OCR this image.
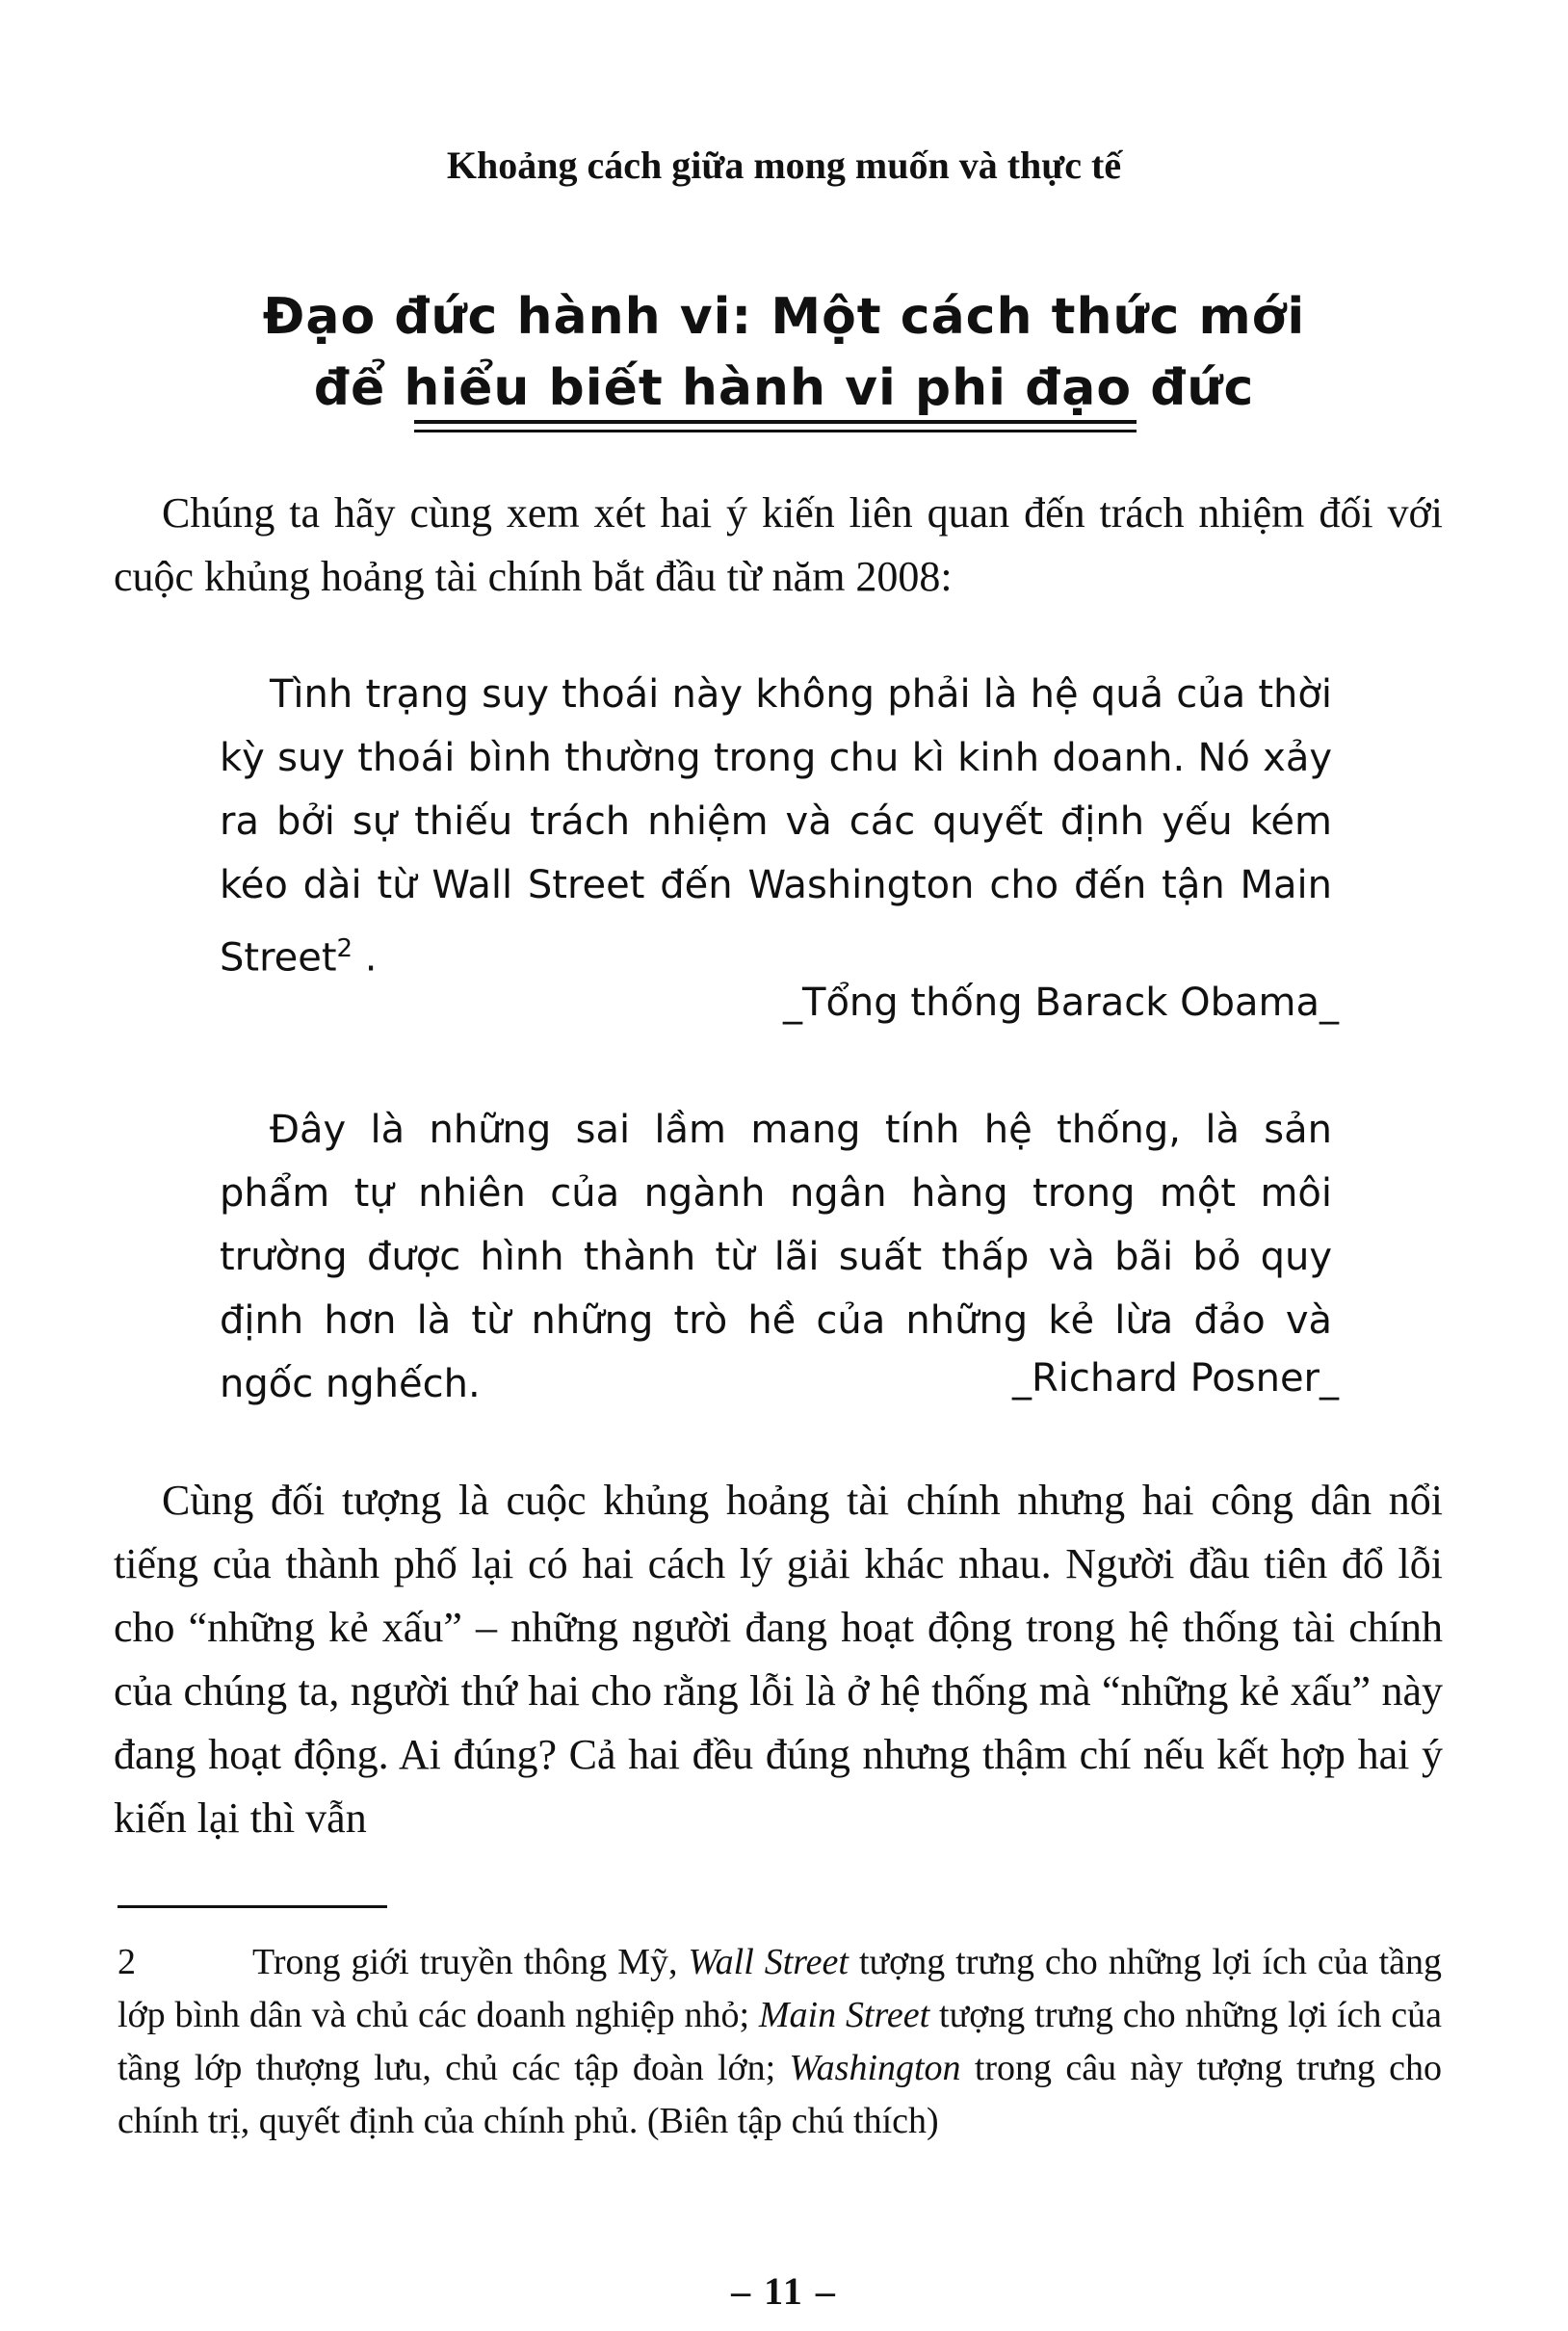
Khoảng cách giữa mong muốn và thực tế
Đạo đức hành vi: Một cách thức mới
để hiểu biết hành vi phi đạo đức
Chúng ta hãy cùng xem xét hai ý kiến liên quan đến trách nhiệm đối với cuộc khủng hoảng tài chính bắt đầu từ năm 2008:
Tình trạng suy thoái này không phải là hệ quả của thời kỳ suy thoái bình thường trong chu kì kinh doanh. Nó xảy ra bởi sự thiếu trách nhiệm và các quyết định yếu kém kéo dài từ Wall Street đến Washington cho đến tận Main Street$^2$ .
_Tổng thống Barack Obama_
Đây là những sai lầm mang tính hệ thống, là sản phẩm tự nhiên của ngành ngân hàng trong một môi trường được hình thành từ lãi suất thấp và bãi bỏ quy định hơn là từ những trò hề của những kẻ lừa đảo và ngốc nghếch.	_Richard Posner_
Cùng đối tượng là cuộc khủng hoảng tài chính nhưng hai công dân nổi tiếng của thành phố lại có hai cách lý giải khác nhau. Người đầu tiên đổ lỗi cho “những kẻ xấu” – những người đang hoạt động trong hệ thống tài chính của chúng ta, người thứ hai cho rằng lỗi là ở hệ thống mà “những kẻ xấu” này đang hoạt động. Ai đúng? Cả hai đều đúng nhưng thậm chí nếu kết hợp hai ý kiến lại thì vẫn
2	Trong giới truyền thông Mỹ, Wall Street tượng trưng cho những lợi ích của tầng lớp bình dân và chủ các doanh nghiệp nhỏ; Main Street tượng trưng cho những lợi ích của tầng lớp thượng lưu, chủ các tập đoàn lớn; Washington trong câu này tượng trưng cho chính trị, quyết định của chính phủ. (Biên tập chú thích)
– 11 –
